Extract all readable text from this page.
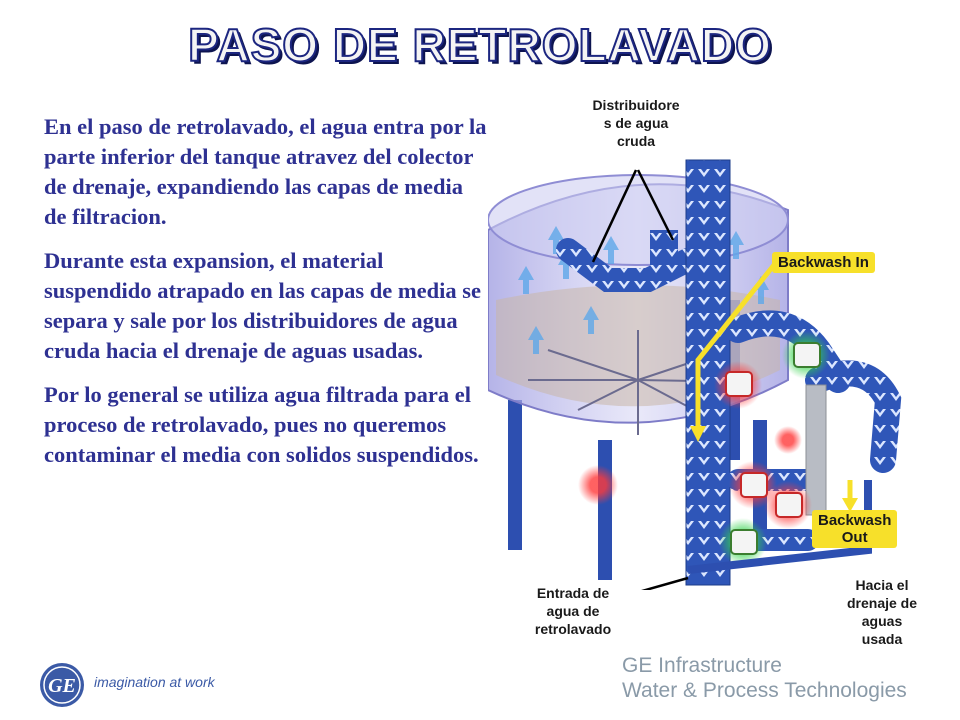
PASO DE RETROLAVADO

En el paso de retrolavado, el agua entra por la parte inferior del tanque atravez del colector de drenaje, expandiendo las capas de media de filtracion.

Durante esta expansion, el material suspendido atrapado en las capas de media se separa y sale por los distribuidores de agua cruda hacia el drenaje de aguas usadas.

Por lo general se utiliza agua filtrada para el proceso de retrolavado, pues no queremos contaminar el media con solidos suspendidos.

Distribuidore
s de agua
cruda
Entrada de
agua de
retrolavado
Hacia el
drenaje de
aguas
usada
Backwash In
Backwash
Out
GE imagination at work
GE Infrastructure
Water & Process Technologies
